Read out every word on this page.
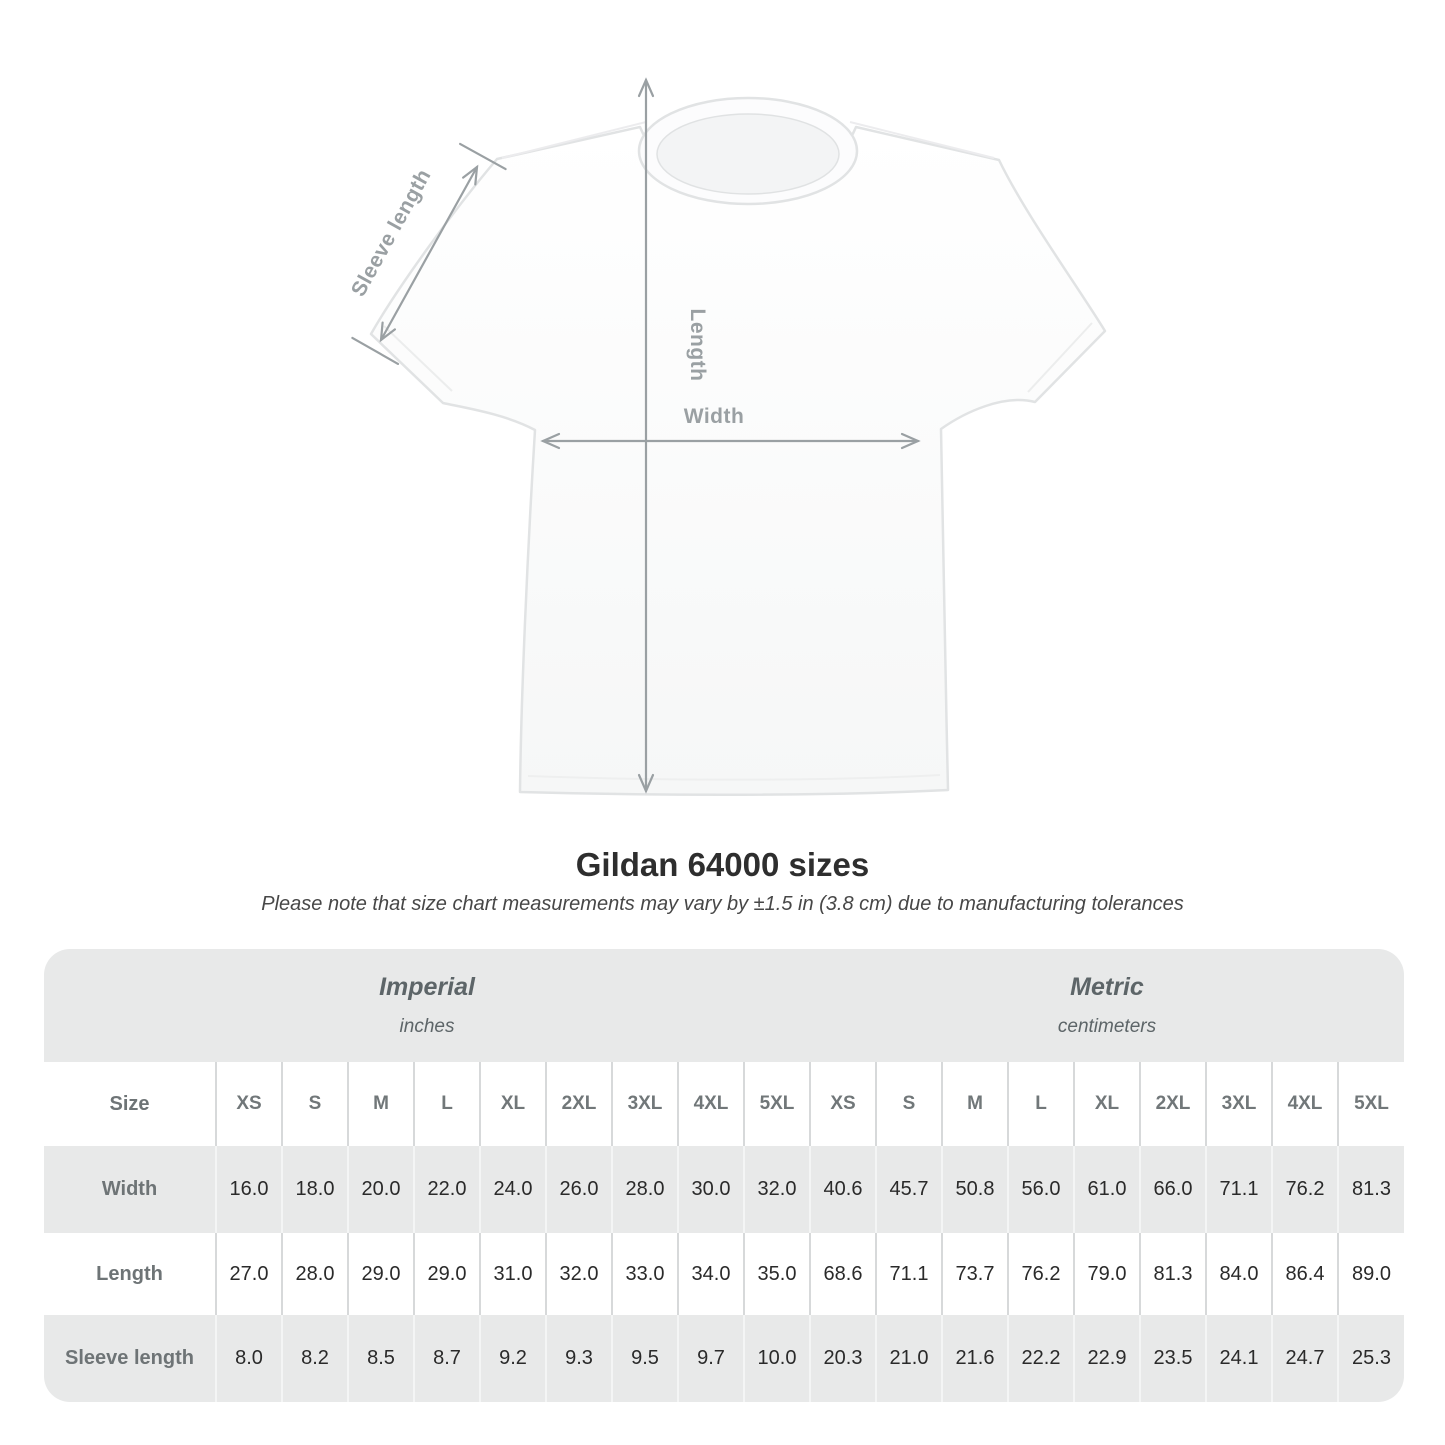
Length
Width
Sleeve length
Gildan 64000 sizes

Please note that size chart measurements may vary by ±1.5 in (3.8 cm) due to manufacturing tolerances

Imperial
inches

Metric
centimeters

Size	XS	S	M	L	XL	2XL	3XL	4XL	5XL	XS	S	M	L	XL	2XL	3XL	4XL	5XL
Width	16.0	18.0	20.0	22.0	24.0	26.0	28.0	30.0	32.0	40.6	45.7	50.8	56.0	61.0	66.0	71.1	76.2	81.3
Length	27.0	28.0	29.0	29.0	31.0	32.0	33.0	34.0	35.0	68.6	71.1	73.7	76.2	79.0	81.3	84.0	86.4	89.0
Sleeve length	8.0	8.2	8.5	8.7	9.2	9.3	9.5	9.7	10.0	20.3	21.0	21.6	22.2	22.9	23.5	24.1	24.7	25.3
